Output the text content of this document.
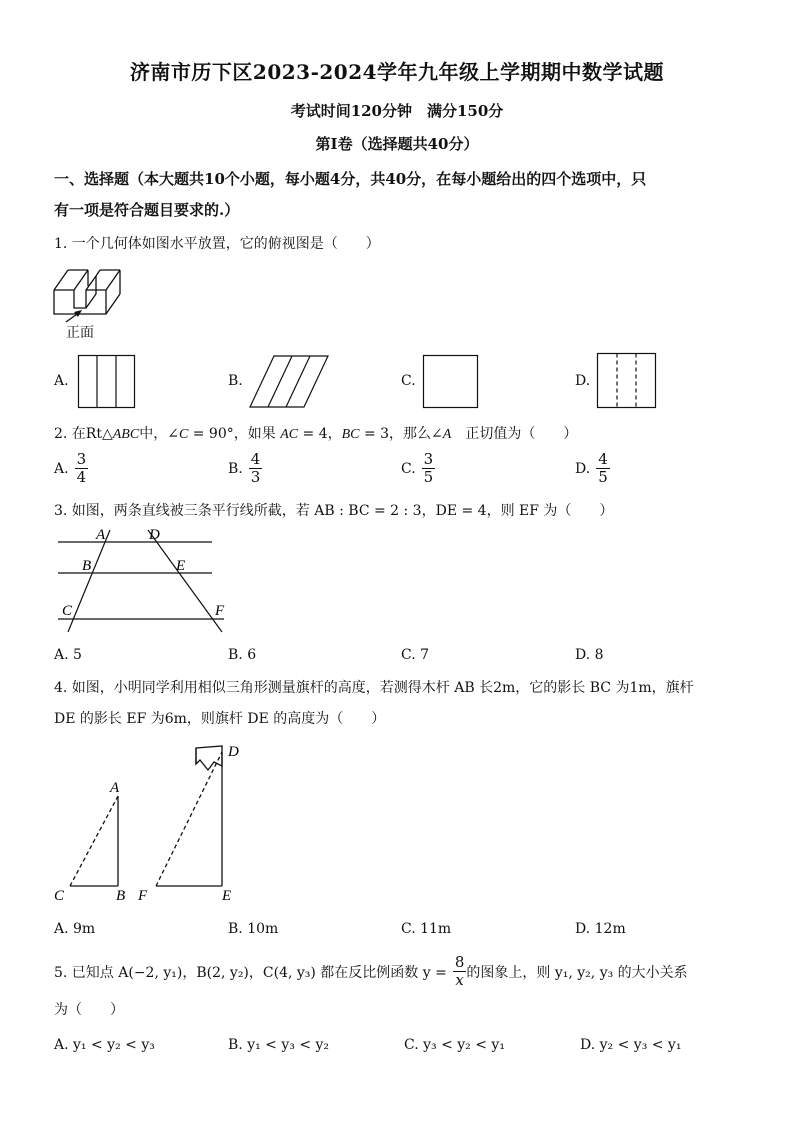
济南市历下区2023-2024学年九年级上学期期中数学试题
考试时间120分钟　满分150分
第I卷（选择题共40分）
一、选择题（本大题共10个小题，每小题4分，共40分，在每小题给出的四个选项中，只
有一项是符合题目要求的.）
1. 一个几何体如图水平放置，它的俯视图是（　　）
正面
A.	B.	C.	D.
2. 在Rt△ABC中，∠C = 90°，如果 AC = 4，BC = 3，那么∠A　正切值为（　　）
A. $\frac{3}{4}$	B. $\frac{4}{3}$	C. $\frac{3}{5}$	D. $\frac{4}{5}$
3. 如图，两条直线被三条平行线所截，若 AB : BC = 2 : 3，DE = 4，则 EF 为（　　）
A	D
B	E
C	F
A. 5	B. 6	C. 7	D. 8
4. 如图，小明同学利用相似三角形测量旗杆的高度，若测得木杆 AB 长2m，它的影长 BC 为1m，旗杆
DE 的影长 EF 为6m，则旗杆 DE 的高度为（　　）
A
C	B F	E
D
A. 9m	B. 10m	C. 11m	D. 12m
5. 已知点 A(−2, y₁)，B(2, y₂)，C(4, y₃) 都在反比例函数 $y = \frac{8}{x}$ 的图象上，则 y₁, y₂, y₃ 的大小关系
为（　　）
A. y₁ < y₂ < y₃	B. y₁ < y₃ < y₂	C. y₃ < y₂ < y₁	D. y₂ < y₃ < y₁
